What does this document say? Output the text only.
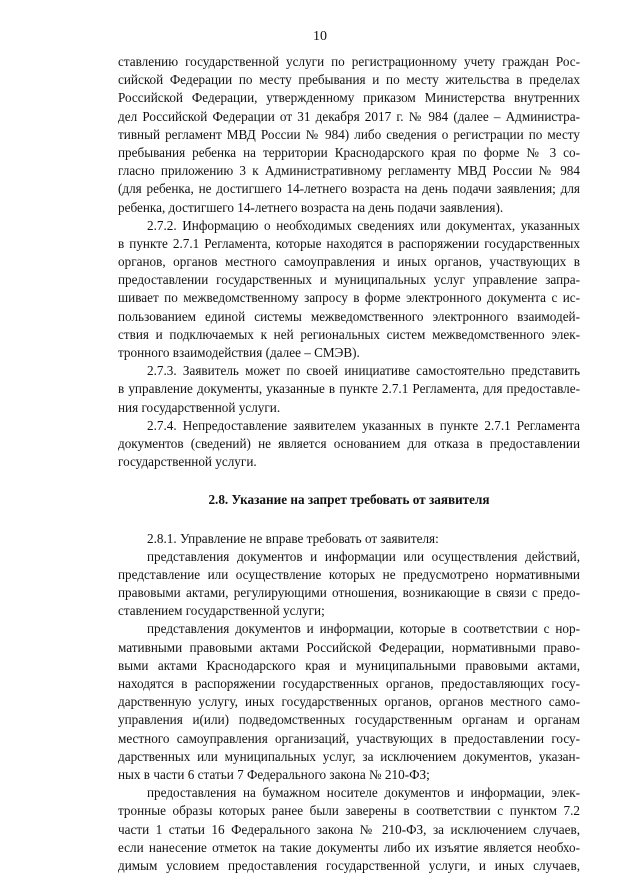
10
ставлению государственной услуги по регистрационному учету граждан Рос-
сийской Федерации по месту пребывания и по месту жительства в пределах
Российской Федерации, утвержденному приказом Министерства внутренних
дел Российской Федерации от 31 декабря 2017 г. № 984 (далее – Администра-
тивный регламент МВД России № 984) либо сведения о регистрации по месту
пребывания ребенка на территории Краснодарского края по форме № 3 со-
гласно приложению 3 к Административному регламенту МВД России № 984
(для ребенка, не достигшего 14-летнего возраста на день подачи заявления; для
ребенка, достигшего 14-летнего возраста на день подачи заявления).
2.7.2. Информацию о необходимых сведениях или документах, указанных
в пункте 2.7.1 Регламента, которые находятся в распоряжении государственных
органов, органов местного самоуправления и иных органов, участвующих в
предоставлении государственных и муниципальных услуг управление запра-
шивает по межведомственному запросу в форме электронного документа с ис-
пользованием единой системы межведомственного электронного взаимодей-
ствия и подключаемых к ней региональных систем межведомственного элек-
тронного взаимодействия (далее – СМЭВ).
2.7.3. Заявитель может по своей инициативе самостоятельно представить
в управление документы, указанные в пункте 2.7.1 Регламента, для предоставле-
ния государственной услуги.
2.7.4. Непредоставление заявителем указанных в пункте 2.7.1 Регламента
документов (сведений) не является основанием для отказа в предоставлении
государственной услуги.
2.8. Указание на запрет требовать от заявителя
2.8.1. Управление не вправе требовать от заявителя:
представления документов и информации или осуществления действий,
представление или осуществление которых не предусмотрено нормативными
правовыми актами, регулирующими отношения, возникающие в связи с предо-
ставлением государственной услуги;
представления документов и информации, которые в соответствии с нор-
мативными правовыми актами Российской Федерации, нормативными право-
выми актами Краснодарского края и муниципальными правовыми актами,
находятся в распоряжении государственных органов, предоставляющих госу-
дарственную услугу, иных государственных органов, органов местного само-
управления и(или) подведомственных государственным органам и органам
местного самоуправления организаций, участвующих в предоставлении госу-
дарственных или муниципальных услуг, за исключением документов, указан-
ных в части 6 статьи 7 Федерального закона № 210-ФЗ;
предоставления на бумажном носителе документов и информации, элек-
тронные образы которых ранее были заверены в соответствии с пунктом 7.2
части 1 статьи 16 Федерального закона № 210-ФЗ, за исключением случаев,
если нанесение отметок на такие документы либо их изъятие является необхо-
димым условием предоставления государственной услуги, и иных случаев,
